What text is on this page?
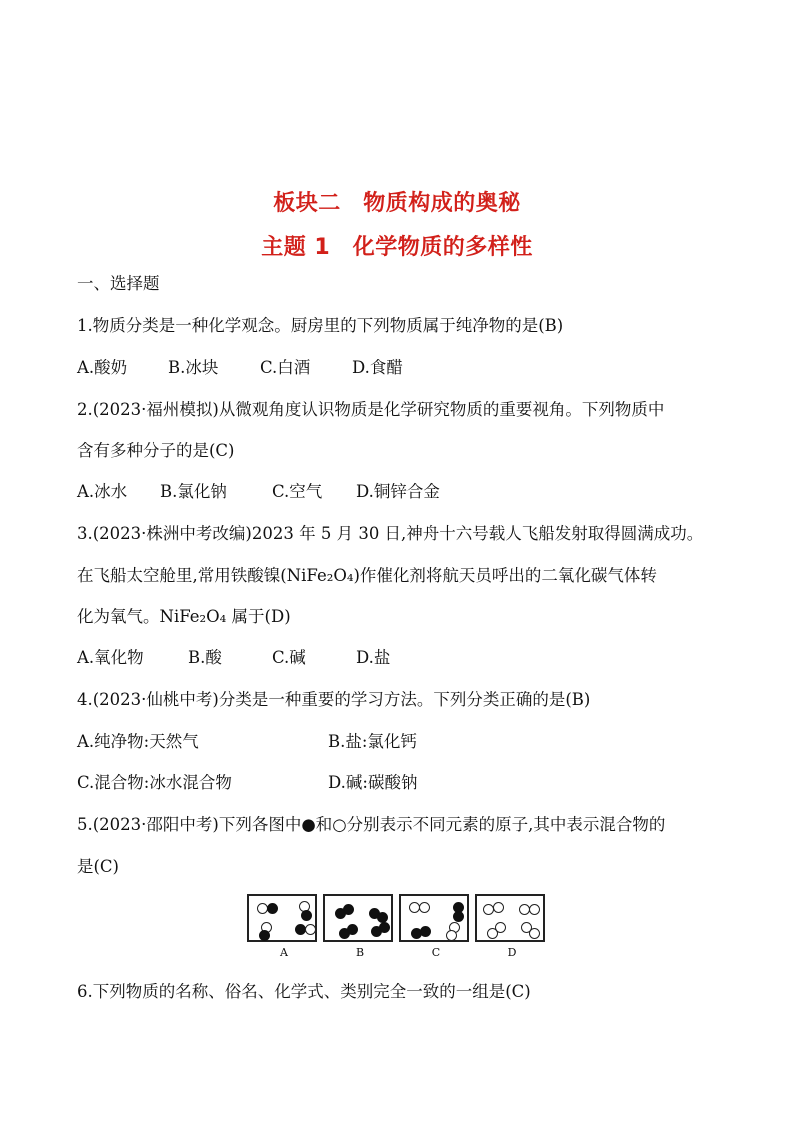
板块二　物质构成的奥秘
主题 1　化学物质的多样性
一、选择题
1.物质分类是一种化学观念。厨房里的下列物质属于纯净物的是(B)
A.酸奶 B.冰块	C.白酒	D.食醋
2.(2023·福州模拟)从微观角度认识物质是化学研究物质的重要视角。下列物质中
含有多种分子的是(C)
A.冰水 B.氯化钠	C.空气 D.铜锌合金
3.(2023·株洲中考改编)2023 年 5 月 30 日,神舟十六号载人飞船发射取得圆满成功。
在飞船太空舱里,常用铁酸镍(NiFe₂O₄)作催化剂将航天员呼出的二氧化碳气体转
化为氧气。NiFe₂O₄ 属于(D)
A.氧化物	B.酸	C.碱	D.盐
4.(2023·仙桃中考)分类是一种重要的学习方法。下列分类正确的是(B)
A.纯净物:天然气	B.盐:氯化钙
C.混合物:冰水混合物	D.碱:碳酸钠
5.(2023·邵阳中考)下列各图中●和○分别表示不同元素的原子,其中表示混合物的
是(C)
A	B	C	D
6.下列物质的名称、俗名、化学式、类别完全一致的一组是(C)
